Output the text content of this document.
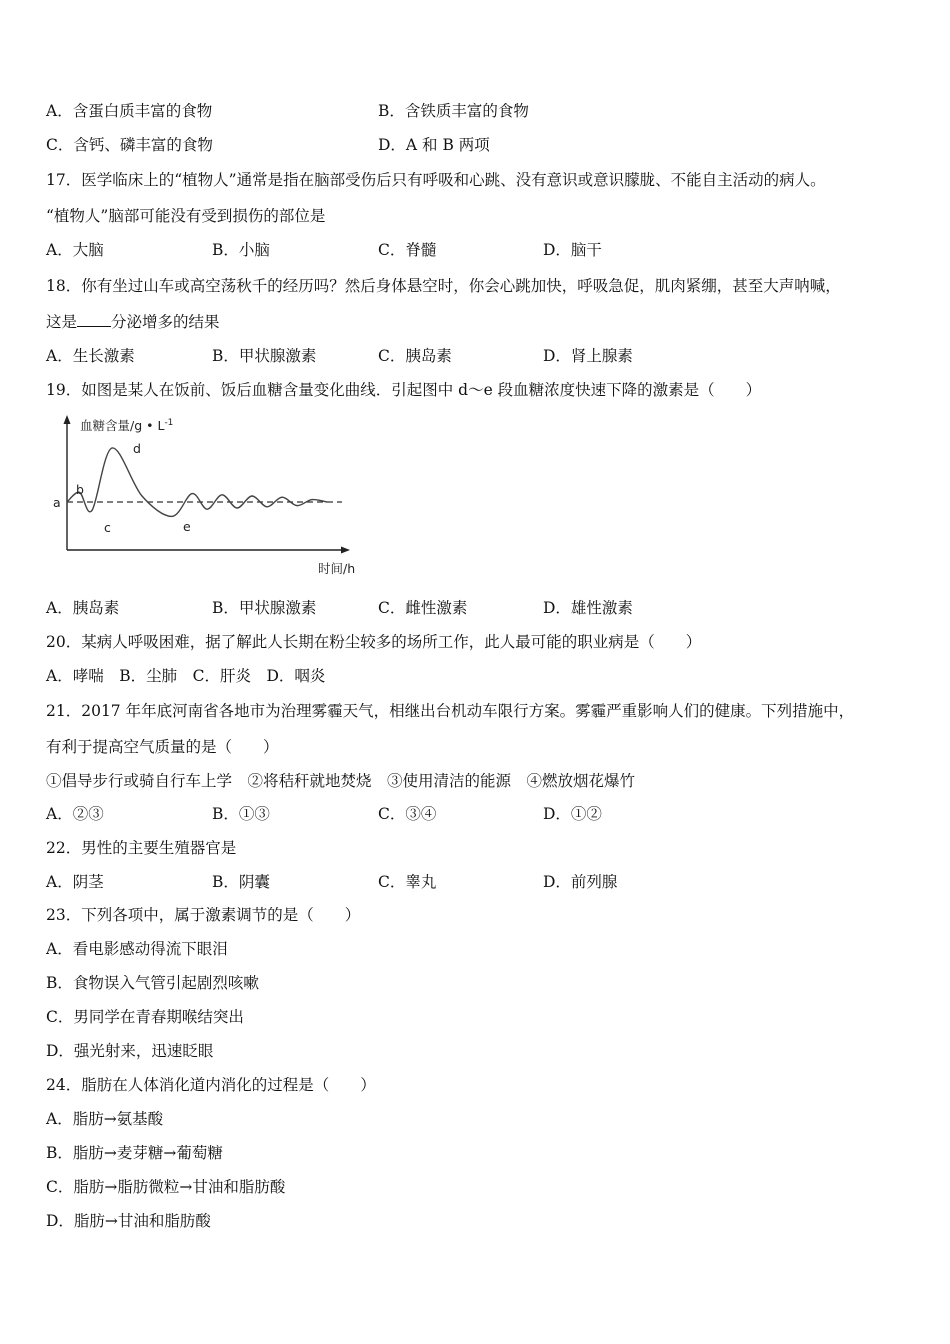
A．含蛋白质丰富的食物	B．含铁质丰富的食物
C．含钙、磷丰富的食物	D．A 和 B 两项
17．医学临床上的“植物人”通常是指在脑部受伤后只有呼吸和心跳、没有意识或意识朦胧、不能自主活动的病人。
“植物人”脑部可能没有受到损伤的部位是
A．大脑	B．小脑	C．脊髓	D．脑干
18．你有坐过山车或高空荡秋千的经历吗？然后身体悬空时，你会心跳加快，呼吸急促，肌肉紧绷，甚至大声呐喊，
这是 分泌增多的结果
A．生长激素	B．甲状腺激素	C．胰岛素	D．肾上腺素
19．如图是某人在饭前、饭后血糖含量变化曲线．引起图中 d～e 段血糖浓度快速下降的激素是（　　）
血糖含量/g • $L^{-1}$
时间/h
a
b
c
d
e
A．胰岛素	B．甲状腺激素	C．雌性激素	D．雄性激素
20．某病人呼吸困难，据了解此人长期在粉尘较多的场所工作，此人最可能的职业病是（　　）
A．哮喘　B．尘肺　C．肝炎　D．咽炎
21．2017 年年底河南省各地市为治理雾霾天气，相继出台机动车限行方案。雾霾严重影响人们的健康。下列措施中，
有利于提高空气质量的是（　　）
①倡导步行或骑自行车上学　②将秸秆就地焚烧　③使用清洁的能源　④燃放烟花爆竹
A．②③	B．①③	C．③④	D．①②
22．男性的主要生殖器官是
A．阴茎	B．阴囊	C．睾丸	D．前列腺
23．下列各项中，属于激素调节的是（　　）
A．看电影感动得流下眼泪
B．食物误入气管引起剧烈咳嗽
C．男同学在青春期喉结突出
D．强光射来，迅速眨眼
24．脂肪在人体消化道内消化的过程是（　　）
A．脂肪→氨基酸
B．脂肪→麦芽糖→葡萄糖
C．脂肪→脂肪微粒→甘油和脂肪酸
D．脂肪→甘油和脂肪酸
